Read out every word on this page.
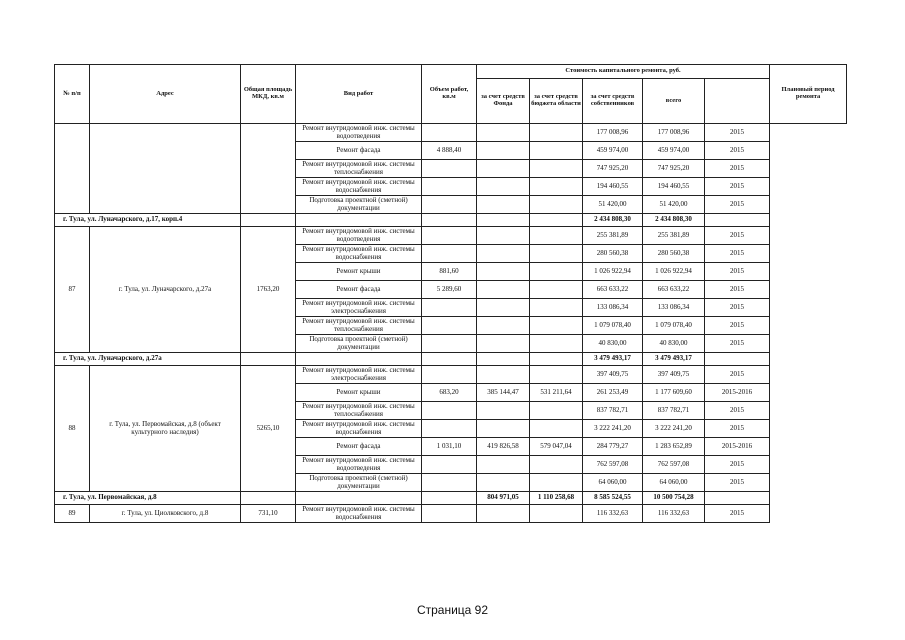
№ п/п	Адрес	Общая площадь МКД, кв.м	Вид работ	Объем работ, кв.м	Стоимость капитального ремонта, руб.					Плановый период ремонта
					за счет средств Фонда	за счет средств бюджета области	за счет средств собственников	всего		
			Ремонт внутридомовой инж. системы водоотведения				177 008,96	177 008,96	2015	
			Ремонт фасада	4 888,40			459 974,00	459 974,00	2015	
			Ремонт внутридомовой инж. системы теплоснабжения				747 925,20	747 925,20	2015	
			Ремонт внутридомовой инж. системы водоснабжения				194 460,55	194 460,55	2015	
			Подготовка проектной (сметной) документации				51 420,00	51 420,00	2015	
г. Тула, ул. Луначарского, д.17, корп.4							2 434 808,30	2 434 808,30		
87	г. Тула, ул. Луначарского, д.27а	1763,20	Ремонт внутридомовой инж. системы водоотведения				255 381,89	255 381,89	2015	
			Ремонт внутридомовой инж. системы водоснабжения				280 560,38	280 560,38	2015	
			Ремонт крыши	881,60			1 026 922,94	1 026 922,94	2015	
			Ремонт фасада	5 289,60			663 633,22	663 633,22	2015	
			Ремонт внутридомовой инж. системы электроснабжения				133 086,34	133 086,34	2015	
			Ремонт внутридомовой инж. системы теплоснабжения				1 079 078,40	1 079 078,40	2015	
			Подготовка проектной (сметной) документации				40 830,00	40 830,00	2015	
г. Тула, ул. Луначарского, д.27а							3 479 493,17	3 479 493,17		
88	г. Тула, ул. Первомайская, д.8 (объект культурного наследия)	5265,10	Ремонт внутридомовой инж. системы электроснабжения				397 409,75	397 409,75	2015	
			Ремонт крыши	683,20	385 144,47	531 211,64	261 253,49	1 177 609,60	2015-2016	
			Ремонт внутридомовой инж. системы теплоснабжения				837 782,71	837 782,71	2015	
			Ремонт внутридомовой инж. системы водоснабжения				3 222 241,20	3 222 241,20	2015	
			Ремонт фасада	1 031,10	419 826,58	579 047,04	284 779,27	1 283 652,89	2015-2016	
			Ремонт внутридомовой инж. системы водоотведения				762 597,08	762 597,08	2015	
			Подготовка проектной (сметной) документации				64 060,00	64 060,00	2015	
г. Тула, ул. Первомайская, д.8					804 971,05	1 110 258,68	8 585 524,55	10 500 754,28		
89	г. Тула, ул. Циолковского, д.8	731,10	Ремонт внутридомовой инж. системы водоснабжения				116 332,63	116 332,63	2015	
Страница 92
